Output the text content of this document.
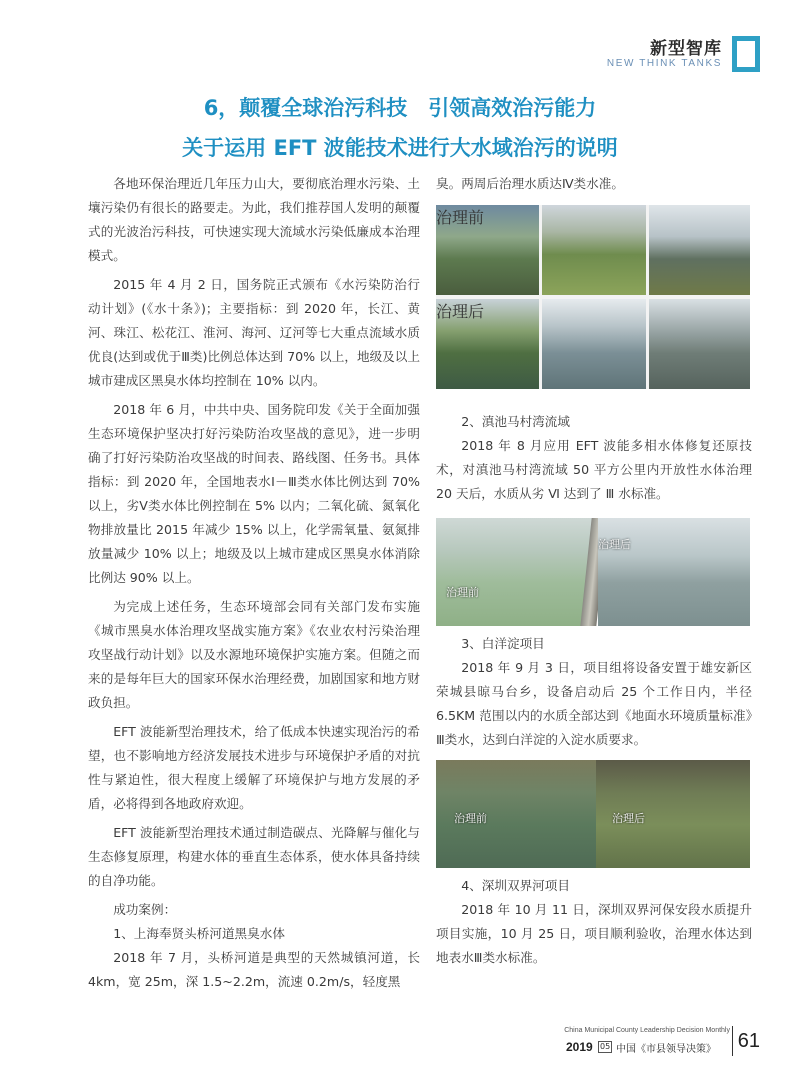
新型智库
NEW THINK TANKS
6，颠覆全球治污科技　引领高效治污能力
关于运用 EFT 波能技术进行大水域治污的说明

各地环保治理近几年压力山大，要彻底治理水污染、土壤污染仍有很长的路要走。为此，我们推荐国人发明的颠覆式的光波治污科技，可快速实现大流域水污染低廉成本治理模式。

2015 年 4 月 2 日，国务院正式颁布《水污染防治行动计划》(《水十条》)；主要指标：到 2020 年，长江、黄河、珠江、松花江、淮河、海河、辽河等七大重点流域水质优良(达到或优于Ⅲ类)比例总体达到 70% 以上，地级及以上城市建成区黑臭水体均控制在 10% 以内。

2018 年 6 月，中共中央、国务院印发《关于全面加强生态环境保护坚决打好污染防治攻坚战的意见》，进一步明确了打好污染防治攻坚战的时间表、路线图、任务书。具体指标：到 2020 年，全国地表水Ⅰ－Ⅲ类水体比例达到 70% 以上，劣Ⅴ类水体比例控制在 5% 以内；二氧化硫、氮氧化物排放量比 2015 年减少 15% 以上，化学需氧量、氨氮排放量减少 10% 以上；地级及以上城市建成区黑臭水体消除比例达 90% 以上。

为完成上述任务，生态环境部会同有关部门发布实施《城市黑臭水体治理攻坚战实施方案》《农业农村污染治理攻坚战行动计划》以及水源地环境保护实施方案。但随之而来的是每年巨大的国家环保水治理经费，加剧国家和地方财政负担。

EFT 波能新型治理技术，给了低成本快速实现治污的希望，也不影响地方经济发展技术进步与环境保护矛盾的对抗性与紧迫性，很大程度上缓解了环境保护与地方发展的矛盾，必将得到各地政府欢迎。

EFT 波能新型治理技术通过制造碳点、光降解与催化与生态修复原理，构建水体的垂直生态体系，使水体具备持续的自净功能。

成功案例：

1、上海奉贤头桥河道黑臭水体

2018 年 7 月，头桥河道是典型的天然城镇河道，长 4km，宽 25m，深 1.5~2.2m，流速 0.2m/s，轻度黑

臭。两周后治理水质达Ⅳ类水准。

2、滇池马村湾流域

2018 年 8 月应用 EFT 波能多相水体修复还原技术，对滇池马村湾流域 50 平方公里内开放性水体治理 20 天后，水质从劣 Ⅵ 达到了 Ⅲ 水标准。

3、白洋淀项目

2018 年 9 月 3 日，项目组将设备安置于雄安新区荣城县晾马台乡，设备启动后 25 个工作日内，半径 6.5KM 范围以内的水质全部达到《地面水环境质量标准》Ⅲ类水，达到白洋淀的入淀水质要求。

4、深圳双界河项目

2018 年 10 月 11 日，深圳双界河保安段水质提升项目实施，10 月 25 日，项目顺利验收，治理水体达到地表水Ⅲ类水标准。

治理前
治理后
治理前
治理后
治理前	治理后
China Municipal County Leadership Decision Monthly
2019 05 中国《市县领导决策》 61
